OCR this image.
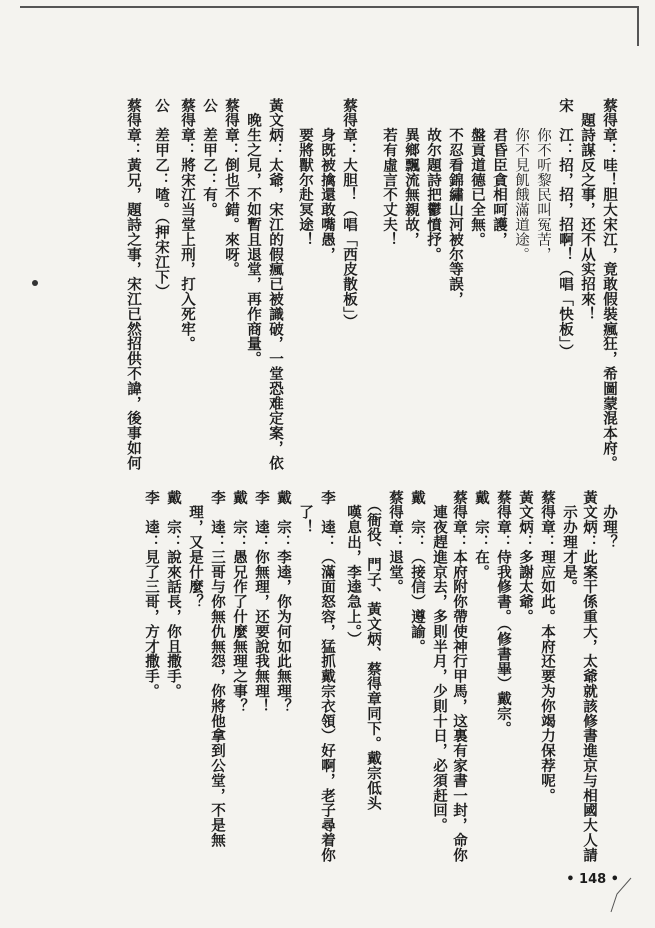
蔡得章：哇！胆大宋江，竟敢假裝瘋狂，希圖蒙混本府。
　題詩謀反之事，还不从实招來！
宋　江：招，招，招啊！（唱「快板」）
　　你不听黎民叫冤苦，
　　你不見飢餓滿道途。
　　君昏臣貪相呵護，
　　盤貢道德已全無。
　　不忍看錦繡山河被尔等誤，
　　故尔題詩把鬱憤抒。
　　異鄉飄流無親故，
　　若有虛言不丈夫！
蔡得章：大胆！（唱「西皮散板」）
　　身既被擒還敢嘴愚，
　　要將獸尔赴冥途！
黃文炳：太爺，宋江的假瘋已被識破，一堂恐难定案，依
　晚生之見，不如暫且退堂，再作商量。
蔡得章：倒也不錯。來呀。
公　差甲乙：有。
蔡得章：將宋江当堂上刑，打入死牢。
公　差甲乙：喳。（押宋江下）
蔡得章：黃兄，題詩之事，宋江已然招供不諱，後事如何
　办理？
黃文炳：此案干係重大，太爺就該修書進京与相國大人請
　示办理才是。
蔡得章：理应如此。本府还要为你竭力保荐呢。
黃文炳：多謝太爺。
蔡得章：侍我修書。（修書畢）戴宗。
戴　宗：在。
蔡得章：本府附你帶使神行甲馬，这裏有家書一封，命你
　連夜趕進京去，多則半月，少則十日，必須赶回。
戴　宗：（接信）遵諭。
蔡得章：退堂。
　（衙役、門子、黃文炳、蔡得章同下。戴宗低头
　嘆息出，李逵急上。）
李　逵：（滿面怒容，猛抓戴宗衣領）好啊，老子尋着你
　了！
戴　宗：李逵，你为何如此無理？
李　逵：你無理，还要說我無理！
戴　宗：愚兄作了什麼無理之事？
李　逵：三哥与你無仇無怨，你將他拿到公堂，不是無
　理，又是什麼？
戴　宗：說來話長，你且撒手。
李　逵：見了三哥，方才撒手。
• 148 •
